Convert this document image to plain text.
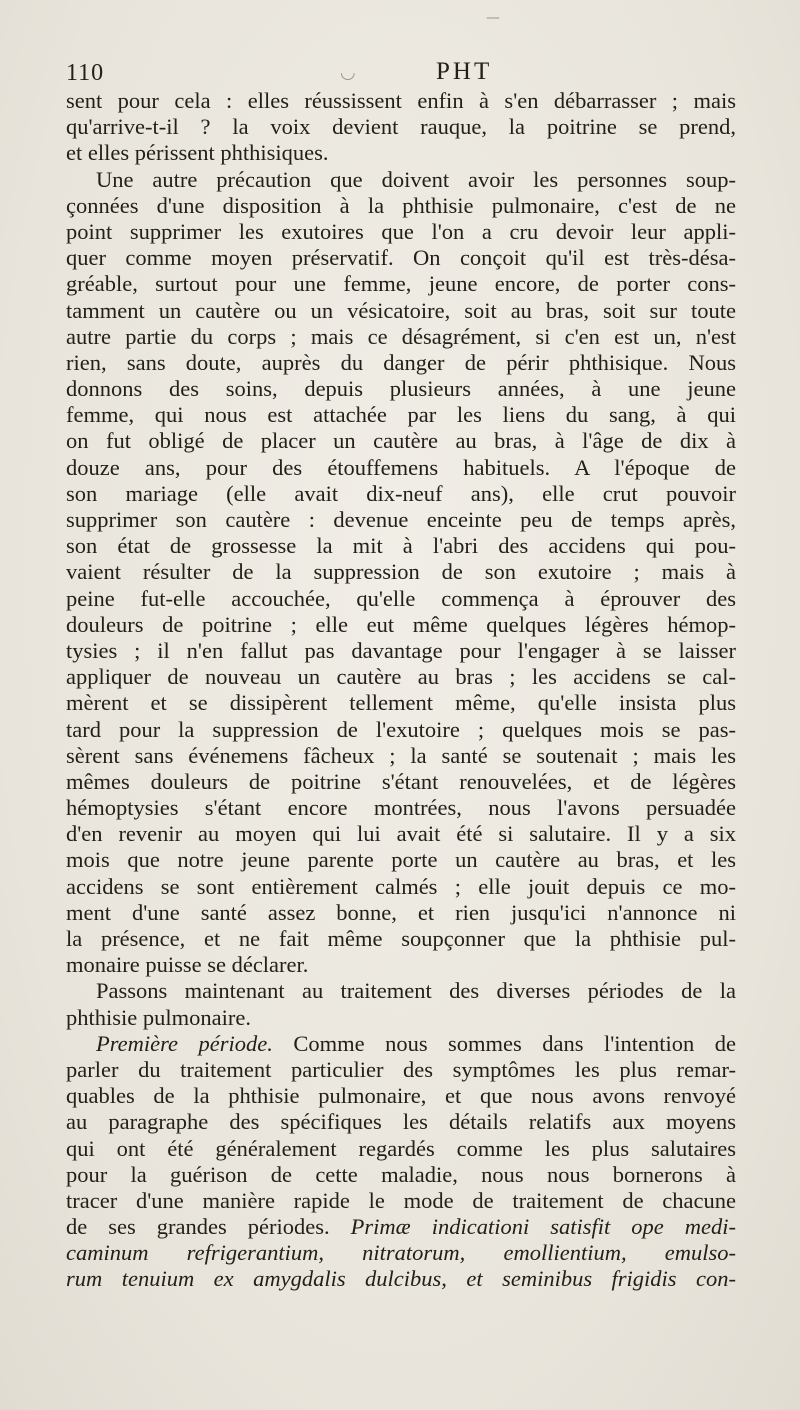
110	PHT
sent pour cela : elles réussissent enfin à s'en débarrasser ; mais
qu'arrive-t-il ? la voix devient rauque, la poitrine se prend,
et elles périssent phthisiques.
Une autre précaution que doivent avoir les personnes soup-
çonnées d'une disposition à la phthisie pulmonaire, c'est de ne
point supprimer les exutoires que l'on a cru devoir leur appli-
quer comme moyen préservatif. On conçoit qu'il est très-désa-
gréable, surtout pour une femme, jeune encore, de porter cons-
tamment un cautère ou un vésicatoire, soit au bras, soit sur toute
autre partie du corps ; mais ce désagrément, si c'en est un, n'est
rien, sans doute, auprès du danger de périr phthisique. Nous
donnons des soins, depuis plusieurs années, à une jeune
femme, qui nous est attachée par les liens du sang, à qui
on fut obligé de placer un cautère au bras, à l'âge de dix à
douze ans, pour des étouffemens habituels. A l'époque de
son mariage (elle avait dix-neuf ans), elle crut pouvoir
supprimer son cautère : devenue enceinte peu de temps après,
son état de grossesse la mit à l'abri des accidens qui pou-
vaient résulter de la suppression de son exutoire ; mais à
peine fut-elle accouchée, qu'elle commença à éprouver des
douleurs de poitrine ; elle eut même quelques légères hémop-
tysies ; il n'en fallut pas davantage pour l'engager à se laisser
appliquer de nouveau un cautère au bras ; les accidens se cal-
mèrent et se dissipèrent tellement même, qu'elle insista plus
tard pour la suppression de l'exutoire ; quelques mois se pas-
sèrent sans événemens fâcheux ; la santé se soutenait ; mais les
mêmes douleurs de poitrine s'étant renouvelées, et de légères
hémoptysies s'étant encore montrées, nous l'avons persuadée
d'en revenir au moyen qui lui avait été si salutaire. Il y a six
mois que notre jeune parente porte un cautère au bras, et les
accidens se sont entièrement calmés ; elle jouit depuis ce mo-
ment d'une santé assez bonne, et rien jusqu'ici n'annonce ni
la présence, et ne fait même soupçonner que la phthisie pul-
monaire puisse se déclarer.
Passons maintenant au traitement des diverses périodes de la
phthisie pulmonaire.
Première période. Comme nous sommes dans l'intention de
parler du traitement particulier des symptômes les plus remar-
quables de la phthisie pulmonaire, et que nous avons renvoyé
au paragraphe des spécifiques les détails relatifs aux moyens
qui ont été généralement regardés comme les plus salutaires
pour la guérison de cette maladie, nous nous bornerons à
tracer d'une manière rapide le mode de traitement de chacune
de ses grandes périodes. Primæ indicationi satisfit ope medi-
caminum refrigerantium, nitratorum, emollientium, emulso-
rum tenuium ex amygdalis dulcibus, et seminibus frigidis con-
—
◡
